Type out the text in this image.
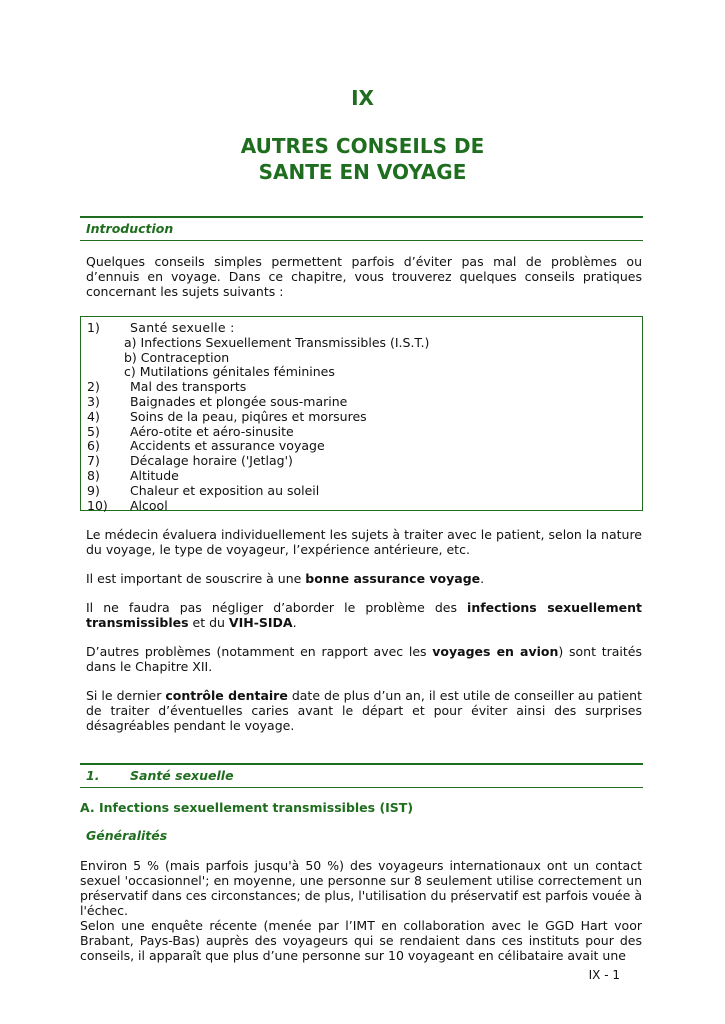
IX
AUTRES CONSEILS DE
SANTE EN VOYAGE
Introduction
Quelques conseils simples permettent parfois d’éviter pas mal de problèmes ou d’ennuis en voyage. Dans ce chapitre, vous trouverez quelques conseils pratiques concernant les sujets suivants :
1) Santé sexuelle :
a) Infections Sexuellement Transmissibles (I.S.T.)
b) Contraception
c) Mutilations génitales féminines
2) Mal des transports
3) Baignades et plongée sous-marine
4) Soins de la peau, piqûres et morsures
5) Aéro-otite et aéro-sinusite
6) Accidents et assurance voyage
7) Décalage horaire ('Jetlag')
8) Altitude
9) Chaleur et exposition au soleil
10) Alcool
Le médecin évaluera individuellement les sujets à traiter avec le patient, selon la nature du voyage, le type de voyageur, l’expérience antérieure, etc.
Il est important de souscrire à une bonne assurance voyage.
Il ne faudra pas négliger d’aborder le problème des infections sexuellement transmissibles et du VIH-SIDA.
D’autres problèmes (notamment en rapport avec les voyages en avion) sont traités dans le Chapitre XII.
Si le dernier contrôle dentaire date de plus d’un an, il est utile de conseiller au patient de traiter d’éventuelles caries avant le départ et pour éviter ainsi des surprises désagréables pendant le voyage.
1. Santé sexuelle
A. Infections sexuellement transmissibles (IST)
Généralités
Environ 5 % (mais parfois jusqu'à 50 %) des voyageurs internationaux ont un contact sexuel 'occasionnel'; en moyenne, une personne sur 8 seulement utilise correctement un préservatif dans ces circonstances; de plus, l'utilisation du préservatif est parfois vouée à l'échec.
Selon une enquête récente (menée par l’IMT en collaboration avec le GGD Hart voor Brabant, Pays-Bas) auprès des voyageurs qui se rendaient dans ces instituts pour des conseils, il apparaît que plus d’une personne sur 10 voyageant en célibataire avait une
IX - 1
